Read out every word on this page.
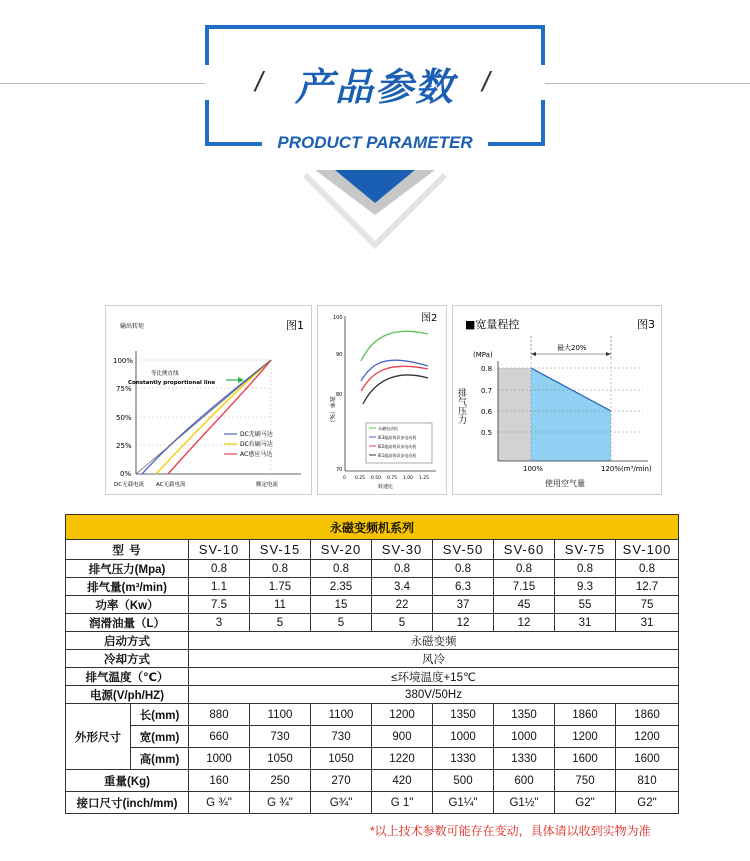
产品参数
/	/
PRODUCT PARAMETER
输出转矩	图1
100%
75%
50%
25%
0%
等比例直线
Constantly proportional line
DC无刷马达
DC有刷马达
AC感应马达
DC无载电流 AC无载电流	额定电流
图2
100
90
80
70
效率（%）
永磁电动机
IE3超高效异步电动机
IE2超高效异步电动机
IE1超高效异步电动机
0 0.25 0.50 0.75 1.00 1.25
转速比
■宽量程控	图3
(MPa)
最大20%
0.8
0.7
0.6
0.5
排气压力
100%	120%(m³/min)
使用空气量
永磁变频机系列									
型 号		SV-10	SV-15	SV-20	SV-30	SV-50	SV-60	SV-75	SV-100
排气压力(Mpa)		0.8	0.8	0.8	0.8	0.8	0.8	0.8	0.8
排气量(m³/min)		1.1	1.75	2.35	3.4	6.3	7.15	9.3	12.7
功率（Kw）		7.5	11	15	22	37	45	55	75
润滑油量（L）		3	5	5	5	12	12	31	31
启动方式		永磁变频							
冷却方式		风冷							
排气温度（℃）		≤环境温度+15℃							
电源(V/ph/HZ)		380V/50Hz							
外形尺寸	长(mm)	880	1100	1100	1200	1350	1350	1860	1860
	宽(mm)	660	730	730	900	1000	1000	1200	1200
	高(mm)	1000	1050	1050	1220	1330	1330	1600	1600
重量(Kg)		160	250	270	420	500	600	750	810
接口尺寸(inch/mm)		G ¾"	G ¾"	G¾"	G 1"	G1¼"	G1½"	G2"	G2"
*以上技术参数可能存在变动，具体请以收到实物为准
